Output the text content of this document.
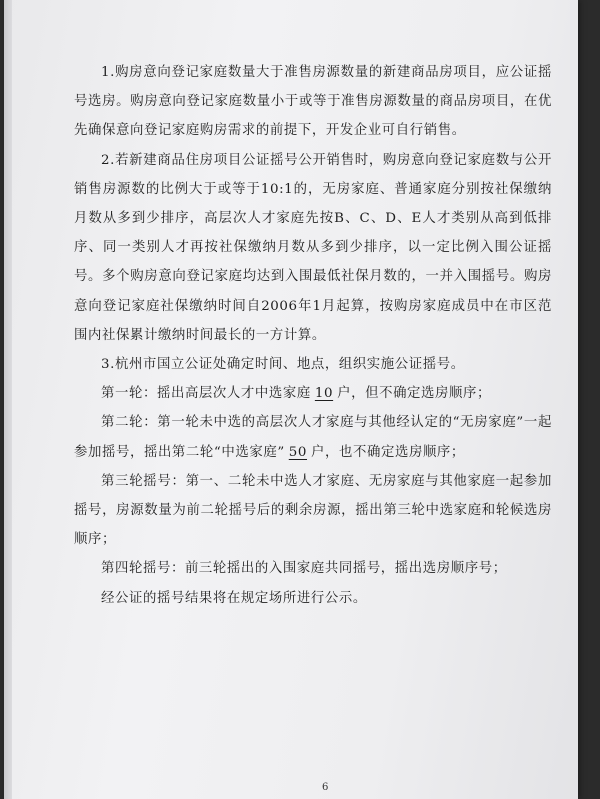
1.购房意向登记家庭数量大于准售房源数量的新建商品房项目，应公证摇号选房。购房意向登记家庭数量小于或等于准售房源数量的商品房项目，在优先确保意向登记家庭购房需求的前提下，开发企业可自行销售。

2.若新建商品住房项目公证摇号公开销售时，购房意向登记家庭数与公开销售房源数的比例大于或等于10:1的，无房家庭、普通家庭分别按社保缴纳月数从多到少排序，高层次人才家庭先按B、C、D、E人才类别从高到低排序、同一类别人才再按社保缴纳月数从多到少排序，以一定比例入围公证摇号。多个购房意向登记家庭均达到入围最低社保月数的，一并入围摇号。购房意向登记家庭社保缴纳时间自2006年1月起算，按购房家庭成员中在市区范围内社保累计缴纳时间最长的一方计算。

3.杭州市国立公证处确定时间、地点，组织实施公证摇号。

第一轮：摇出高层次人才中选家庭 10 户，但不确定选房顺序；

第二轮：第一轮未中选的高层次人才家庭与其他经认定的“无房家庭”一起参加摇号，摇出第二轮“中选家庭” 50 户，也不确定选房顺序；

第三轮摇号：第一、二轮未中选人才家庭、无房家庭与其他家庭一起参加摇号，房源数量为前二轮摇号后的剩余房源，摇出第三轮中选家庭和轮候选房顺序；

第四轮摇号：前三轮摇出的入围家庭共同摇号，摇出选房顺序号；

经公证的摇号结果将在规定场所进行公示。

6
